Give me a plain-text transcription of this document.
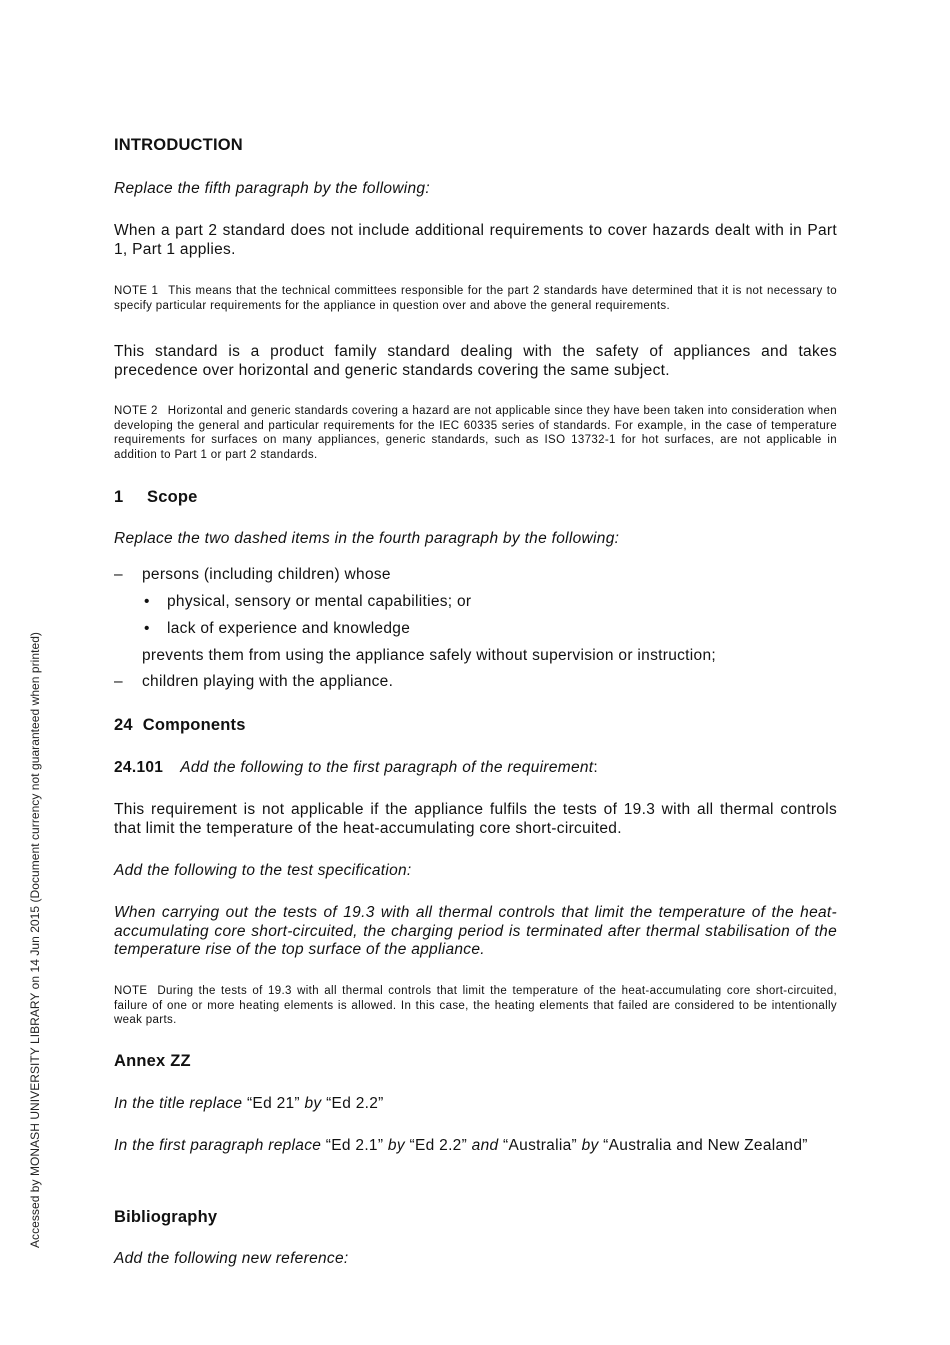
Accessed by MONASH UNIVERSITY LIBRARY on 14 Jun 2015 (Document currency not guaranteed when printed)
INTRODUCTION
Replace the fifth paragraph by the following:
When a part 2 standard does not include additional requirements to cover hazards dealt with in Part 1, Part 1 applies.
NOTE 1 This means that the technical committees responsible for the part 2 standards have determined that it is not necessary to specify particular requirements for the appliance in question over and above the general requirements.
This standard is a product family standard dealing with the safety of appliances and takes precedence over horizontal and generic standards covering the same subject.
NOTE 2 Horizontal and generic standards covering a hazard are not applicable since they have been taken into consideration when developing the general and particular requirements for the IEC 60335 series of standards. For example, in the case of temperature requirements for surfaces on many appliances, generic standards, such as ISO 13732-1 for hot surfaces, are not applicable in addition to Part 1 or part 2 standards.
1 Scope
Replace the two dashed items in the fourth paragraph by the following:
– persons (including children) whose
• physical, sensory or mental capabilities; or
• lack of experience and knowledge
prevents them from using the appliance safely without supervision or instruction;
– children playing with the appliance.
24 Components
24.101 Add the following to the first paragraph of the requirement:
This requirement is not applicable if the appliance fulfils the tests of 19.3 with all thermal controls that limit the temperature of the heat-accumulating core short-circuited.
Add the following to the test specification:
When carrying out the tests of 19.3 with all thermal controls that limit the temperature of the heat-accumulating core short-circuited, the charging period is terminated after thermal stabilisation of the temperature rise of the top surface of the appliance.
NOTE During the tests of 19.3 with all thermal controls that limit the temperature of the heat-accumulating core short-circuited, failure of one or more heating elements is allowed. In this case, the heating elements that failed are considered to be intentionally weak parts.
Annex ZZ
In the title replace “Ed 21” by “Ed 2.2”
In the first paragraph replace “Ed 2.1” by “Ed 2.2” and “Australia” by “Australia and New Zealand”
Bibliography
Add the following new reference:
